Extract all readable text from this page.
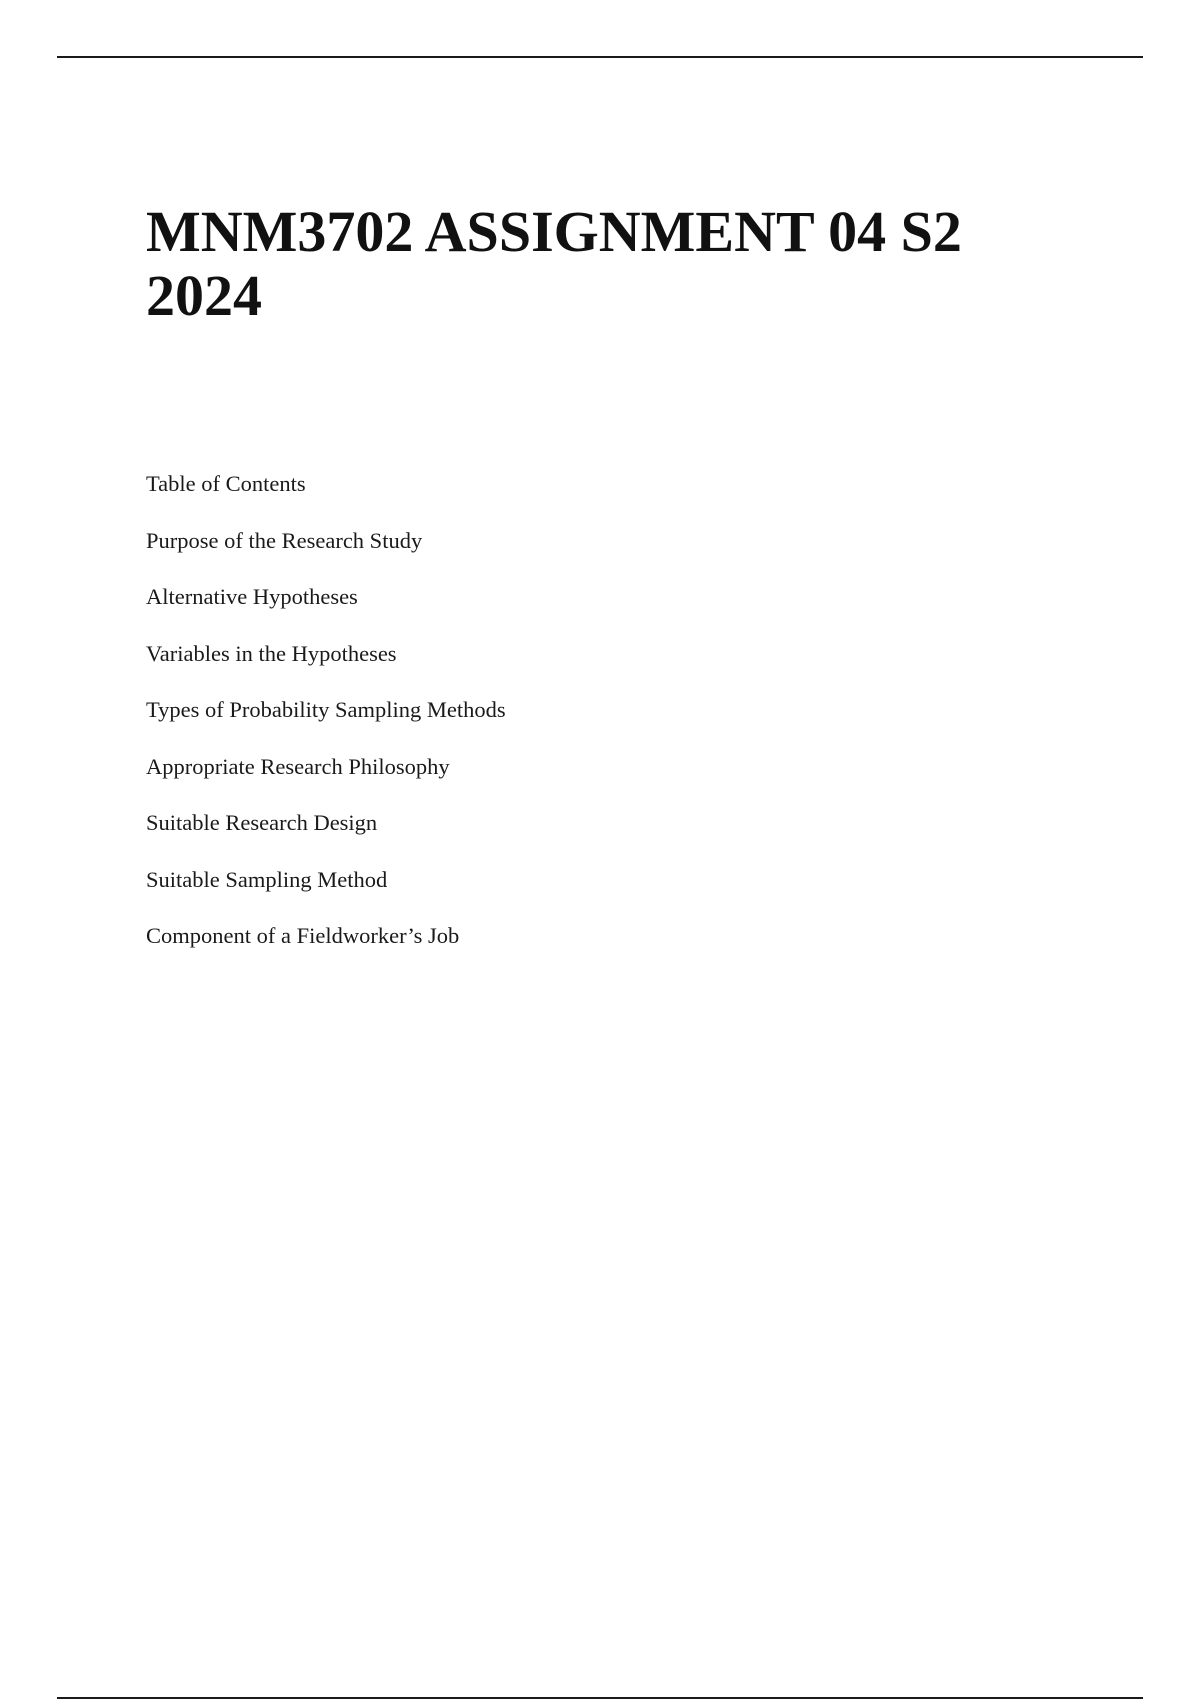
MNM3702 ASSIGNMENT 04 S2
2024
Table of Contents
Purpose of the Research Study
Alternative Hypotheses
Variables in the Hypotheses
Types of Probability Sampling Methods
Appropriate Research Philosophy
Suitable Research Design
Suitable Sampling Method
Component of a Fieldworker’s Job
